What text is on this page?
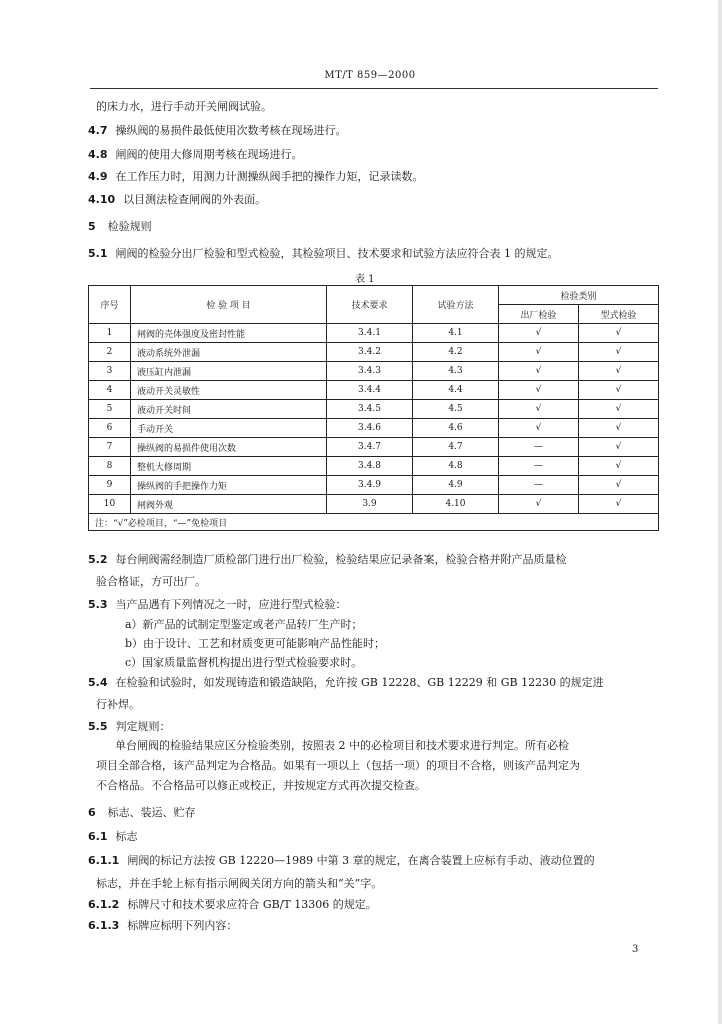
MT/T 859—2000
的床力水，进行手动开关闸阀试验。
4.7 操纵阀的易损件最低使用次数考核在现场进行。
4.8 闸阀的使用大修周期考核在现场进行。
4.9 在工作压力时，用测力计测操纵阀手把的操作力矩，记录读数。
4.10 以目测法检查闸阀的外表面。
5 检验规则
5.1 闸阀的检验分出厂检验和型式检验，其检验项目、技术要求和试验方法应符合表 1 的规定。
表 1
序号	检 验 项 目	技术要求	试验方法	检验类别	
				出厂检验	型式检验
1	闸阀的壳体强度及密封性能	3.4.1	4.1	√	√
2	液动系统外泄漏	3.4.2	4.2	√	√
3	液压缸内泄漏	3.4.3	4.3	√	√
4	液动开关灵敏性	3.4.4	4.4	√	√
5	液动开关时间	3.4.5	4.5	√	√
6	手动开关	3.4.6	4.6	√	√
7	操纵阀的易损件使用次数	3.4.7	4.7	—	√
8	整机大修周期	3.4.8	4.8	—	√
9	操纵阀的手把操作力矩	3.4.9	4.9	—	√
10	闸阀外观	3.9	4.10	√	√
注：“√”必检项目，“—”免检项目					
5.2 每台闸阀需经制造厂质检部门进行出厂检验，检验结果应记录备案，检验合格并附产品质量检
验合格证，方可出厂。
5.3 当产品遇有下列情况之一时，应进行型式检验：
a）新产品的试制定型鉴定或老产品转厂生产时；
b）由于设计、工艺和材质变更可能影响产品性能时；
c）国家质量监督机构提出进行型式检验要求时。
5.4 在检验和试验时，如发现铸造和锻造缺陷，允许按 GB 12228、GB 12229 和 GB 12230 的规定进
行补焊。
5.5 判定规则：
单台闸阀的检验结果应区分检验类别，按照表 2 中的必检项目和技术要求进行判定。所有必检
项目全部合格，该产品判定为合格品。如果有一项以上（包括一项）的项目不合格，则该产品判定为
不合格品。不合格品可以修正或校正，并按规定方式再次提交检查。
6 标志、装运、贮存
6.1 标志
6.1.1 闸阀的标记方法按 GB 12220—1989 中第 3 章的规定，在离合装置上应标有手动、液动位置的
标志，并在手轮上标有指示闸阀关闭方向的箭头和“关”字。
6.1.2 标牌尺寸和技术要求应符合 GB/T 13306 的规定。
6.1.3 标牌应标明下列内容：
3
